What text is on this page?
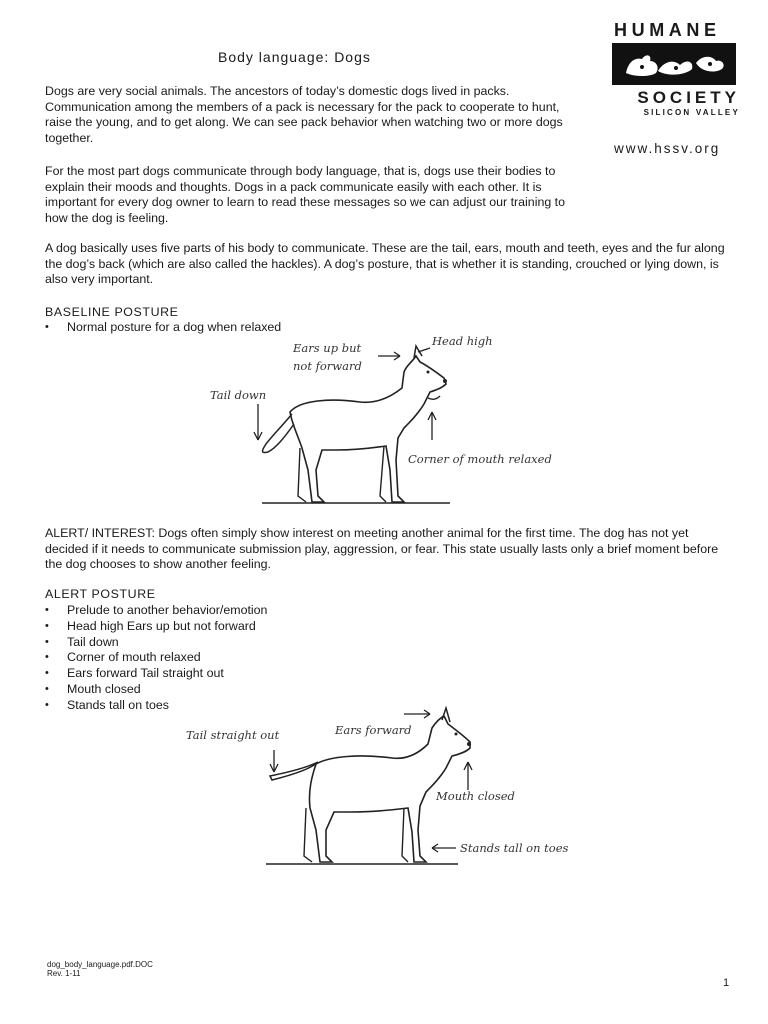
Body language: Dogs
HUMANE
SOCIETY
SILICON VALLEY
www.hssv.org
Dogs are very social animals. The ancestors of today’s domestic dogs lived in packs. Communication among the members of a pack is necessary for the pack to cooperate to hunt, raise the young, and to get along. We can see pack behavior when watching two or more dogs together.
For the most part dogs communicate through body language, that is, dogs use their bodies to explain their moods and thoughts. Dogs in a pack communicate easily with each other. It is important for every dog owner to learn to read these messages so we can adjust our training to how the dog is feeling.
A dog basically uses five parts of his body to communicate. These are the tail, ears, mouth and teeth, eyes and the fur along the dog’s back (which are also called the hackles). A dog’s posture, that is whether it is standing, crouched or lying down, is also very important.
BASELINE POSTURE
• Normal posture for a dog when relaxed
Ears up but
not forward
Head high
Tail down
Corner of mouth relaxed
ALERT/ INTEREST: Dogs often simply show interest on meeting another animal for the first time. The dog has not yet decided if it needs to communicate submission play, aggression, or fear. This state usually lasts only a brief moment before the dog chooses to show another feeling.
ALERT POSTURE
• Prelude to another behavior/emotion
• Head high Ears up but not forward
• Tail down
• Corner of mouth relaxed
• Ears forward Tail straight out
• Mouth closed
• Stands tall on toes
Tail straight out	Ears forward
Mouth closed
Stands tall on toes
dog_body_language.pdf.DOC
Rev. 1-11
1
